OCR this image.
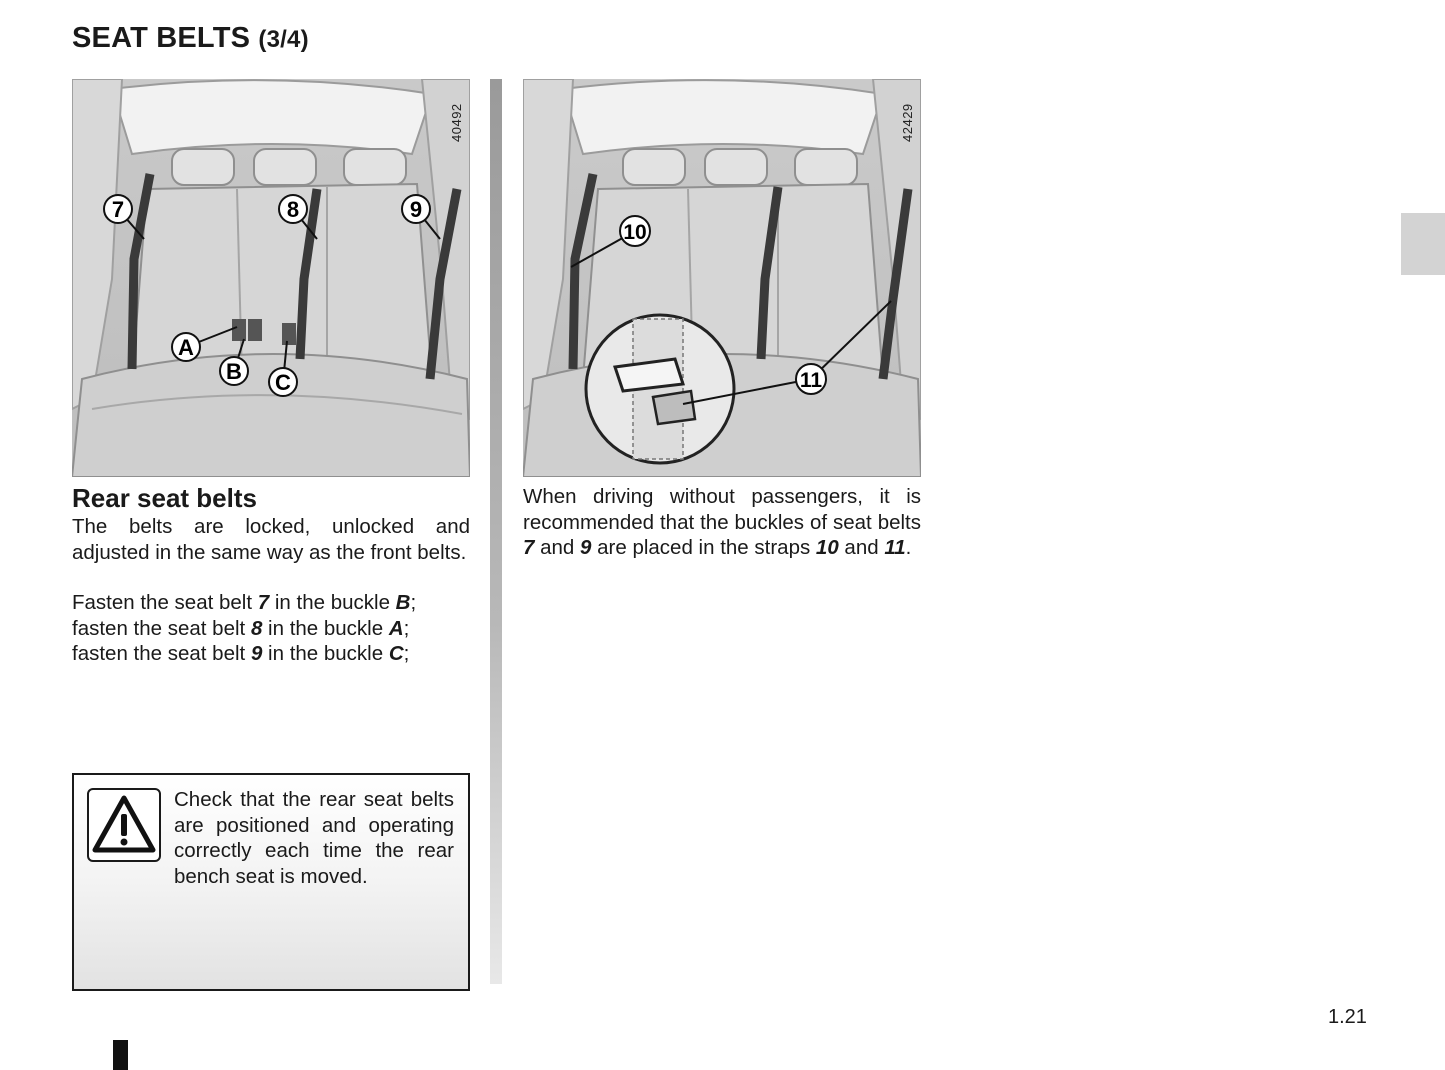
SEAT BELTS (3/4)
7	8	9
A
B C
40492
10
11
42429
Rear seat belts
The belts are locked, unlocked and adjusted in the same way as the front belts.
Fasten the seat belt 7 in the buckle B;
fasten the seat belt 8 in the buckle A;
fasten the seat belt 9 in the buckle C;
When driving without passengers, it is recommended that the buckles of seat belts 7 and 9 are placed in the straps 10 and 11.
Check that the rear seat belts are positioned and operating correctly each time the rear bench seat is moved.
1.21
